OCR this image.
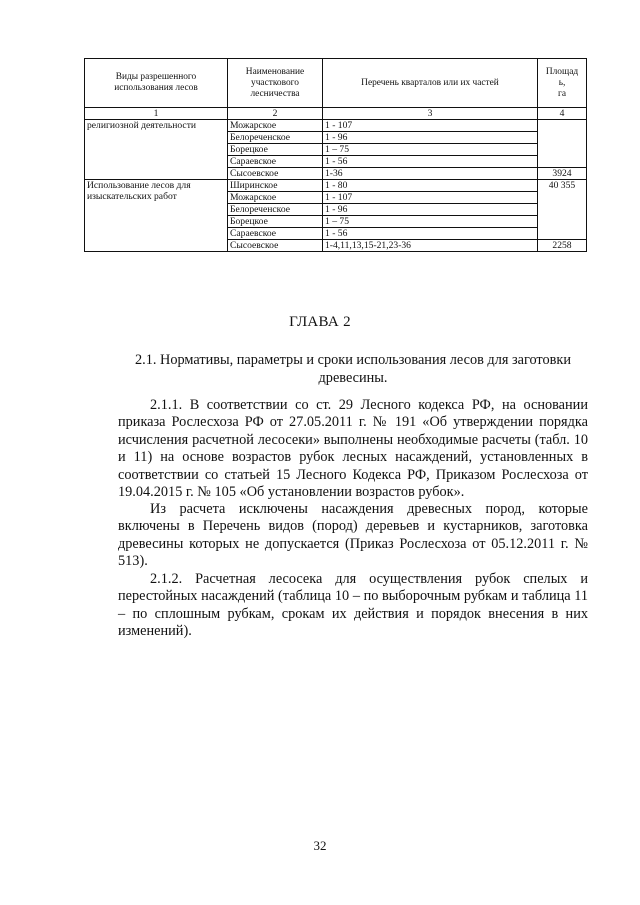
Виды разрешенного использования лесов	Наименование участкового лесничества	Перечень кварталов или их частей	Площад
ь,
га
1	2	3	4
религиозной деятельности	Можарское	1 - 107	
	Белореченское	1 - 96	
	Борецкое	1 – 75	
	Сараевское	1 - 56	
	Сысоевское	1-36	3924
Использование лесов для изыскательских работ	Ширинское	1 - 80	40 355
	Можарское	1 - 107	
	Белореченское	1 - 96	
	Борецкое	1 – 75	
	Сараевское	1 - 56	
	Сысоевское	1-4,11,13,15-21,23-36	2258
ГЛАВА 2
2.1. Нормативы, параметры и сроки использования лесов для заготовки древесины.
2.1.1. В соответствии со ст. 29 Лесного кодекса РФ, на основании приказа Рослесхоза РФ от 27.05.2011 г. № 191 «Об утверждении порядка исчисления расчетной лесосеки» выполнены необходимые расчеты (табл. 10 и 11) на основе возрастов рубок лесных насаждений, установленных в соответствии со статьей 15 Лесного Кодекса РФ, Приказом Рослесхоза от 19.04.2015 г. № 105 «Об установлении возрастов рубок».
Из расчета исключены насаждения древесных пород, которые включены в Перечень видов (пород) деревьев и кустарников, заготовка древесины которых не допускается (Приказ Рослесхоза от 05.12.2011 г. № 513).
2.1.2. Расчетная лесосека для осуществления рубок спелых и перестойных насаждений (таблица 10 – по выборочным рубкам и таблица 11 – по сплошным рубкам, срокам их действия и порядок внесения в них изменений).
32
